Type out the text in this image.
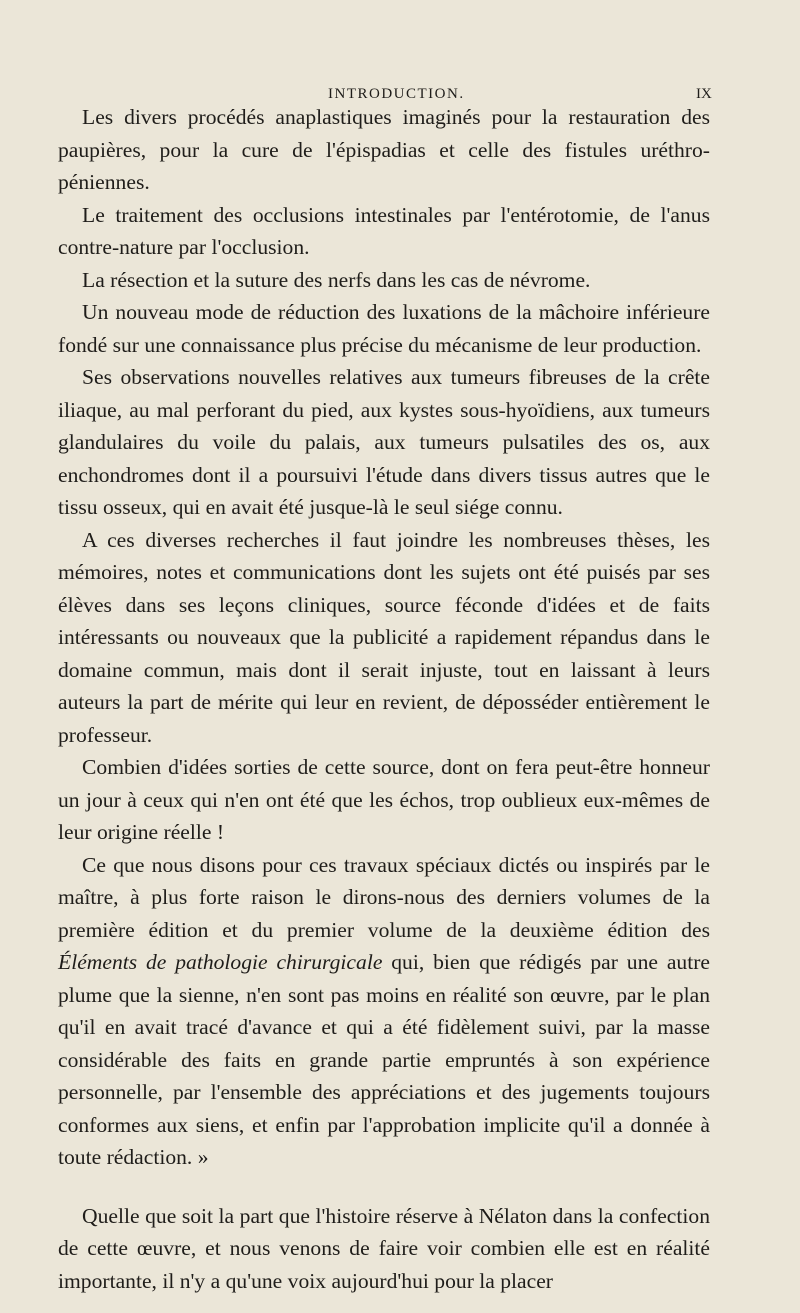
INTRODUCTION.	IX

Les divers procédés anaplastiques imaginés pour la restauration des paupières, pour la cure de l'épispadias et celle des fistules uréthro-péniennes.

Le traitement des occlusions intestinales par l'entérotomie, de l'anus contre-nature par l'occlusion.

La résection et la suture des nerfs dans les cas de névrome.

Un nouveau mode de réduction des luxations de la mâchoire inférieure fondé sur une connaissance plus précise du mécanisme de leur production.

Ses observations nouvelles relatives aux tumeurs fibreuses de la crête iliaque, au mal perforant du pied, aux kystes sous-hyoïdiens, aux tumeurs glandulaires du voile du palais, aux tumeurs pulsatiles des os, aux enchondromes dont il a poursuivi l'étude dans divers tissus autres que le tissu osseux, qui en avait été jusque-là le seul siége connu.

A ces diverses recherches il faut joindre les nombreuses thèses, les mémoires, notes et communications dont les sujets ont été puisés par ses élèves dans ses leçons cliniques, source féconde d'idées et de faits intéressants ou nouveaux que la publicité a rapidement répandus dans le domaine commun, mais dont il serait injuste, tout en laissant à leurs auteurs la part de mérite qui leur en revient, de déposséder entièrement le professeur.

Combien d'idées sorties de cette source, dont on fera peut-être honneur un jour à ceux qui n'en ont été que les échos, trop oublieux eux-mêmes de leur origine réelle !

Ce que nous disons pour ces travaux spéciaux dictés ou inspirés par le maître, à plus forte raison le dirons-nous des derniers volumes de la première édition et du premier volume de la deuxième édition des Éléments de pathologie chirurgicale qui, bien que rédigés par une autre plume que la sienne, n'en sont pas moins en réalité son œuvre, par le plan qu'il en avait tracé d'avance et qui a été fidèlement suivi, par la masse considérable des faits en grande partie empruntés à son expérience personnelle, par l'ensemble des appréciations et des jugements toujours conformes aux siens, et enfin par l'approbation implicite qu'il a donnée à toute rédaction. »

Quelle que soit la part que l'histoire réserve à Nélaton dans la confection de cette œuvre, et nous venons de faire voir combien elle est en réalité importante, il n'y a qu'une voix aujourd'hui pour la placer
